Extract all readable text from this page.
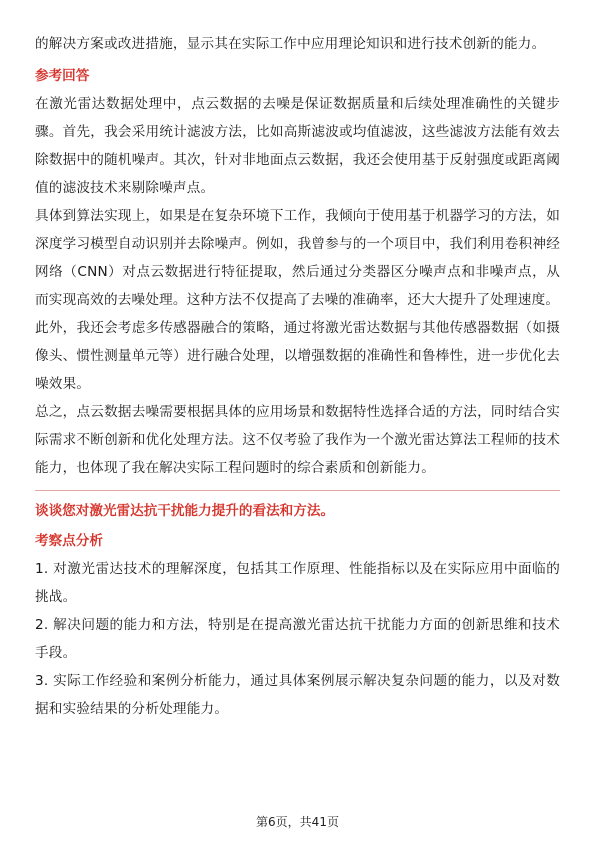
的解决方案或改进措施，显示其在实际工作中应用理论知识和进行技术创新的能力。

参考回答

在激光雷达数据处理中，点云数据的去噪是保证数据质量和后续处理准确性的关键步骤。首先，我会采用统计滤波方法，比如高斯滤波或均值滤波，这些滤波方法能有效去除数据中的随机噪声。其次，针对非地面点云数据，我还会使用基于反射强度或距离阈值的滤波技术来剔除噪声点。

具体到算法实现上，如果是在复杂环境下工作，我倾向于使用基于机器学习的方法，如深度学习模型自动识别并去除噪声。例如，我曾参与的一个项目中，我们利用卷积神经网络（CNN）对点云数据进行特征提取，然后通过分类器区分噪声点和非噪声点，从而实现高效的去噪处理。这种方法不仅提高了去噪的准确率，还大大提升了处理速度。

此外，我还会考虑多传感器融合的策略，通过将激光雷达数据与其他传感器数据（如摄像头、惯性测量单元等）进行融合处理，以增强数据的准确性和鲁棒性，进一步优化去噪效果。

总之，点云数据去噪需要根据具体的应用场景和数据特性选择合适的方法，同时结合实际需求不断创新和优化处理方法。这不仅考验了我作为一个激光雷达算法工程师的技术能力，也体现了我在解决实际工程问题时的综合素质和创新能力。

谈谈您对激光雷达抗干扰能力提升的看法和方法。

考察点分析

1. 对激光雷达技术的理解深度，包括其工作原理、性能指标以及在实际应用中面临的挑战。

2. 解决问题的能力和方法，特别是在提高激光雷达抗干扰能力方面的创新思维和技术手段。

3. 实际工作经验和案例分析能力，通过具体案例展示解决复杂问题的能力，以及对数据和实验结果的分析处理能力。

第6页，共41页
